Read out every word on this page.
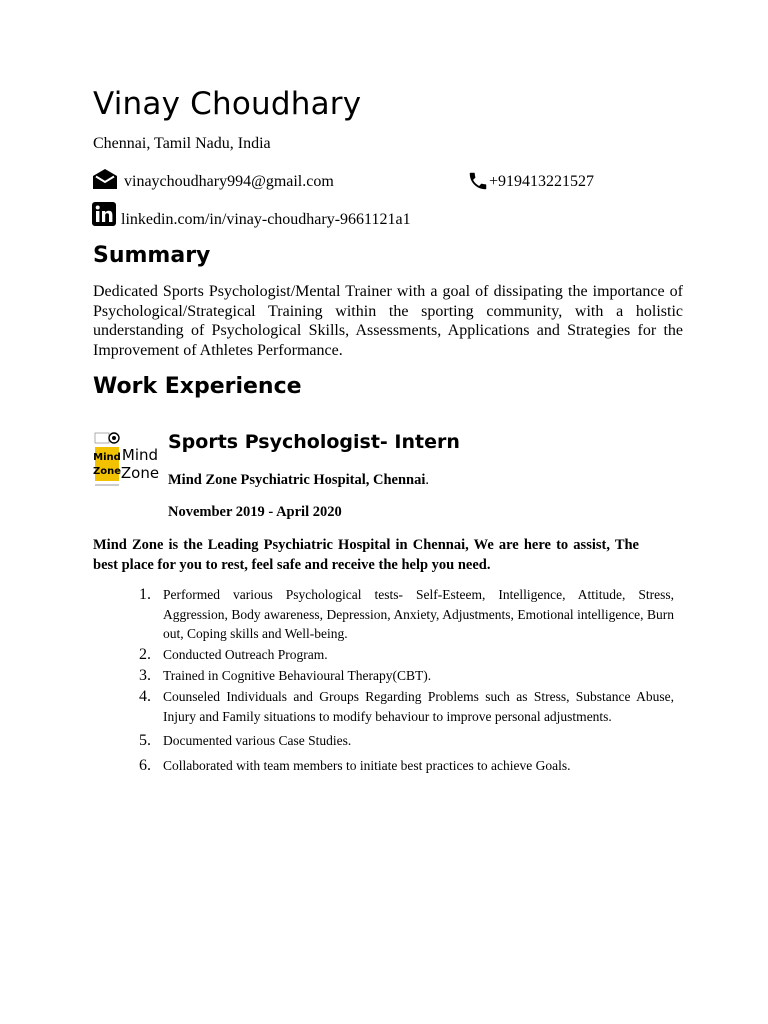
Vinay Choudhary
Chennai, Tamil Nadu, India
vinaychoudhary994@gmail.com	+919413221527
linkedin.com/in/vinay-choudhary-9661121a1
Summary
Dedicated Sports Psychologist/Mental Trainer with a goal of dissipating the importance of Psychological/Strategical Training within the sporting community, with a holistic understanding of Psychological Skills, Assessments, Applications and Strategies for the Improvement of Athletes Performance.
Work Experience
Mind
Zone
Mind
Zone
Sports Psychologist- Intern
Mind Zone Psychiatric Hospital, Chennai.
November 2019 - April 2020
Mind Zone is the Leading Psychiatric Hospital in Chennai, We are here to assist, The best place for you to rest, feel safe and receive the help you need.
1. Performed various Psychological tests- Self-Esteem, Intelligence, Attitude, Stress, Aggression, Body awareness, Depression, Anxiety, Adjustments, Emotional intelligence, Burn out, Coping skills and Well-being.
2. Conducted Outreach Program.
3. Trained in Cognitive Behavioural Therapy(CBT).
4. Counseled Individuals and Groups Regarding Problems such as Stress, Substance Abuse, Injury and Family situations to modify behaviour to improve personal adjustments.
5. Documented various Case Studies.
6. Collaborated with team members to initiate best practices to achieve Goals.
